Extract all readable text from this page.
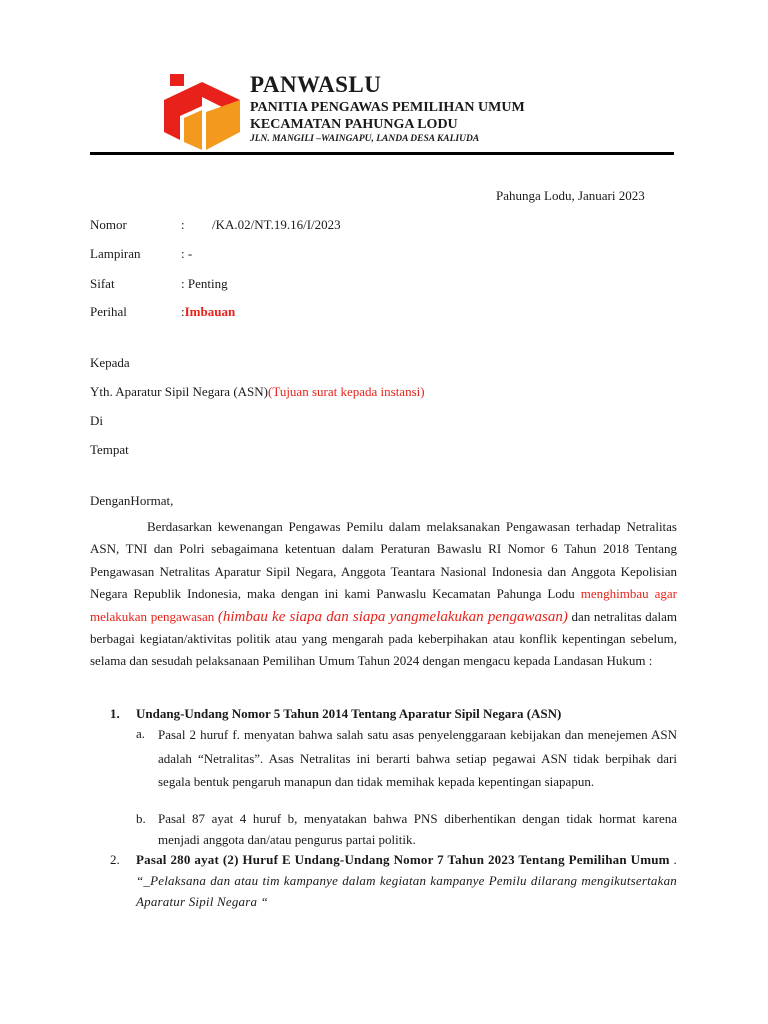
PANWASLU
PANITIA PENGAWAS PEMILIHAN UMUM
KECAMATAN PAHUNGA LODU
JLN. MANGILI –WAINGAPU, LANDA DESA KALIUDA
Pahunga Lodu, Januari 2023
Nomor	: /KA.02/NT.19.16/I/2023
Lampiran	: -
Sifat	: Penting
Perihal	:Imbauan
Kepada
Yth. Aparatur Sipil Negara (ASN)(Tujuan surat kepada instansi)
Di
Tempat
DenganHormat,
Berdasarkan kewenangan Pengawas Pemilu dalam melaksanakan Pengawasan terhadap Netralitas ASN, TNI dan Polri sebagaimana ketentuan dalam Peraturan Bawaslu RI Nomor 6 Tahun 2018 Tentang Pengawasan Netralitas Aparatur Sipil Negara, Anggota Teantara Nasional Indonesia dan Anggota Kepolisian Negara Republik Indonesia, maka dengan ini kami Panwaslu Kecamatan Pahunga Lodu menghimbau agar melakukan pengawasan (himbau ke siapa dan siapa yangmelakukan pengawasan) dan netralitas dalam berbagai kegiatan/aktivitas politik atau yang mengarah pada keberpihakan atau konflik kepentingan sebelum, selama dan sesudah pelaksanaan Pemilihan Umum Tahun 2024 dengan mengacu kepada Landasan Hukum :
1. Undang-Undang Nomor 5 Tahun 2014 Tentang Aparatur Sipil Negara (ASN)
a. Pasal 2 huruf f. menyatan bahwa salah satu asas penyelenggaraan kebijakan dan menejemen ASN adalah “Netralitas”. Asas Netralitas ini berarti bahwa setiap pegawai ASN tidak berpihak dari segala bentuk pengaruh manapun dan tidak memihak kepada kepentingan siapapun.
b. Pasal 87 ayat 4 huruf b, menyatakan bahwa PNS diberhentikan dengan tidak hormat karena menjadi anggota dan/atau pengurus partai politik.
2. Pasal 280 ayat (2) Huruf E Undang-Undang Nomor 7 Tahun 2023 Tentang Pemilihan Umum . “_Pelaksana dan atau tim kampanye dalam kegiatan kampanye Pemilu dilarang mengikutsertakan Aparatur Sipil Negara “
